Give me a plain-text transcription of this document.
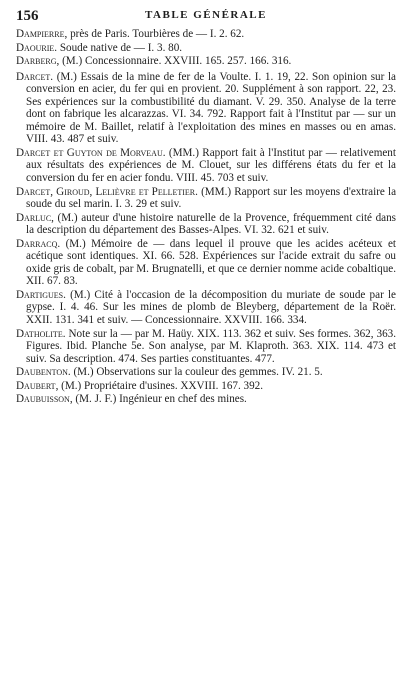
156	TABLE GÉNÉRALE

Dampierre, près de Paris. Tourbières de — I. 2. 62.

Daourie. Soude native de — I. 3. 80.

Darberg, (M.) Concessionnaire. XXVIII. 165. 257. 166. 316.

Darcet. (M.) Essais de la mine de fer de la Voulte. I. 1. 19, 22. Son opinion sur la conversion en acier, du fer qui en provient. 20. Supplément à son rapport. 22, 23. Ses expériences sur la combustibilité du diamant. V. 29. 350. Analyse de la terre dont on fabrique les alcarazzas. VI. 34. 792. Rapport fait à l'Institut par — sur un mémoire de M. Baillet, relatif à l'exploitation des mines en masses ou en amas. VIII. 43. 487 et suiv.

Darcet et Guyton de Morveau. (MM.) Rapport fait à l'Institut par — relativement aux résultats des expériences de M. Clouet, sur les différens états du fer et la conversion du fer en acier fondu. VIII. 45. 703 et suiv.

Darcet, Giroud, Lelièvre et Pelletier. (MM.) Rapport sur les moyens d'extraire la soude du sel marin. I. 3. 29 et suiv.

Darluc, (M.) auteur d'une histoire naturelle de la Provence, fréquemment cité dans la description du département des Basses-Alpes. VI. 32. 621 et suiv.

Darracq. (M.) Mémoire de — dans lequel il prouve que les acides acéteux et acétique sont identiques. XI. 66. 528. Expériences sur l'acide extrait du safre ou oxide gris de cobalt, par M. Brugnatelli, et que ce dernier nomme acide cobaltique. XII. 67. 83.

Dartigues. (M.) Cité à l'occasion de la décomposition du muriate de soude par le gypse. I. 4. 46. Sur les mines de plomb de Bleyberg, département de la Roër. XXII. 131. 341 et suiv. — Concessionnaire. XXVIII. 166. 334.

Datholite. Note sur la — par M. Haüy. XIX. 113. 362 et suiv. Ses formes. 362, 363. Figures. Ibid. Planche 5e. Son analyse, par M. Klaproth. 363. XIX. 114. 473 et suiv. Sa description. 474. Ses parties constituantes. 477.

Daubenton. (M.) Observations sur la couleur des gemmes. IV. 21. 5.

Daubert, (M.) Propriétaire d'usines. XXVIII. 167. 392.

Daubuisson, (M. J. F.) Ingénieur en chef des mines.
